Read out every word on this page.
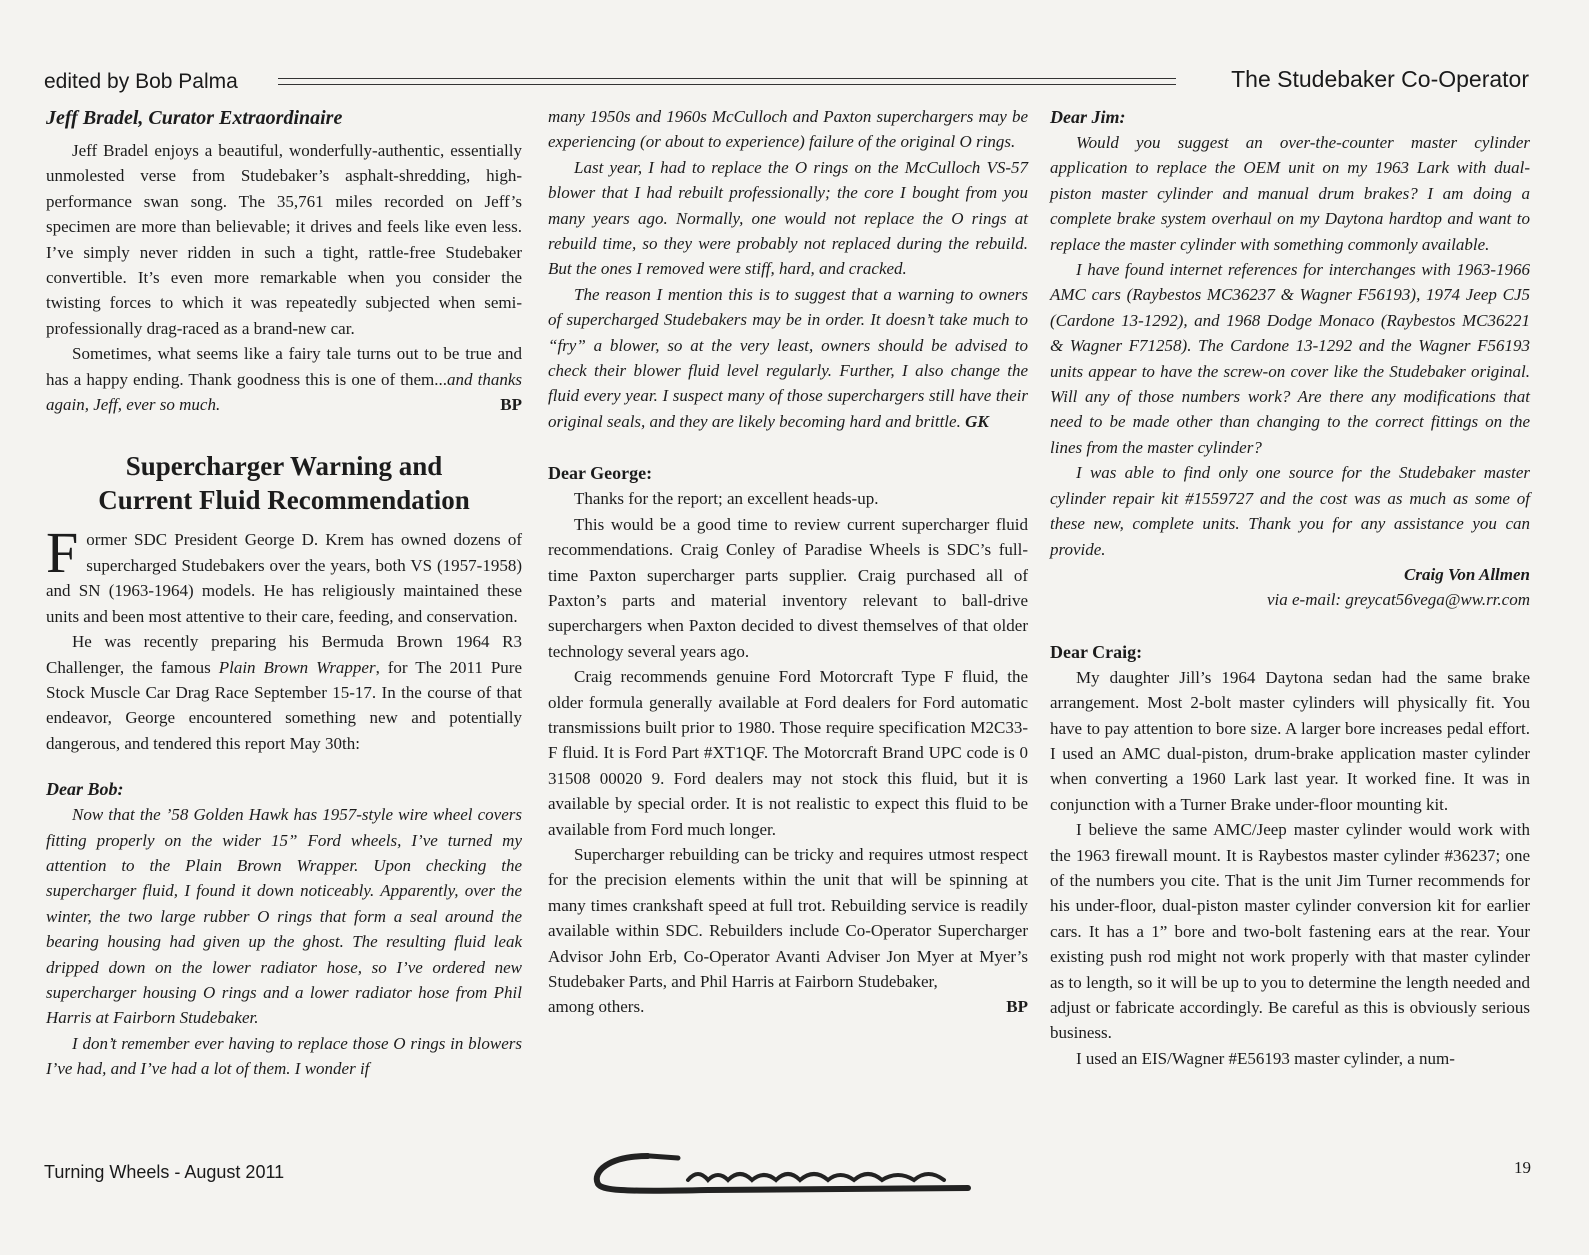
edited by Bob Palma	The Studebaker Co-Operator
Jeff Bradel, Curator Extraordinaire

Jeff Bradel enjoys a beautiful, wonderfully-authentic, essentially unmolested verse from Studebaker’s asphalt-shredding, high-performance swan song. The 35,761 miles recorded on Jeff’s specimen are more than believable; it drives and feels like even less. I’ve simply never ridden in such a tight, rattle-free Studebaker convertible. It’s even more remarkable when you consider the twisting forces to which it was repeatedly subjected when semi-professionally drag-raced as a brand-new car.

Sometimes, what seems like a fairy tale turns out to be true and has a happy ending. Thank goodness this is one of them...and thanks again, Jeff, ever so much.	BP

Supercharger Warning and
Current Fluid Recommendation

Former SDC President George D. Krem has owned dozens of supercharged Studebakers over the years, both VS (1957-1958) and SN (1963-1964) models. He has religiously maintained these units and been most attentive to their care, feeding, and conservation.

He was recently preparing his Bermuda Brown 1964 R3 Challenger, the famous Plain Brown Wrapper, for The 2011 Pure Stock Muscle Car Drag Race September 15-17. In the course of that endeavor, George encountered something new and potentially dangerous, and tendered this report May 30th:

Dear Bob:

Now that the ’58 Golden Hawk has 1957-style wire wheel covers fitting properly on the wider 15” Ford wheels, I’ve turned my attention to the Plain Brown Wrapper. Upon checking the supercharger fluid, I found it down noticeably. Apparently, over the winter, the two large rubber O rings that form a seal around the bearing housing had given up the ghost. The resulting fluid leak dripped down on the lower radiator hose, so I’ve ordered new supercharger housing O rings and a lower radiator hose from Phil Harris at Fairborn Studebaker.

I don’t remember ever having to replace those O rings in blowers I’ve had, and I’ve had a lot of them. I wonder if

many 1950s and 1960s McCulloch and Paxton superchargers may be experiencing (or about to experience) failure of the original O rings.

Last year, I had to replace the O rings on the McCulloch VS-57 blower that I had rebuilt professionally; the core I bought from you many years ago. Normally, one would not replace the O rings at rebuild time, so they were probably not replaced during the rebuild. But the ones I removed were stiff, hard, and cracked.

The reason I mention this is to suggest that a warning to owners of supercharged Studebakers may be in order. It doesn’t take much to “fry” a blower, so at the very least, owners should be advised to check their blower fluid level regularly. Further, I also change the fluid every year. I suspect many of those superchargers still have their original seals, and they are likely becoming hard and brittle. GK

Dear George:

Thanks for the report; an excellent heads-up.

This would be a good time to review current supercharger fluid recommendations. Craig Conley of Paradise Wheels is SDC’s full-time Paxton supercharger parts supplier. Craig purchased all of Paxton’s parts and material inventory relevant to ball-drive superchargers when Paxton decided to divest themselves of that older technology several years ago.

Craig recommends genuine Ford Motorcraft Type F fluid, the older formula generally available at Ford dealers for Ford automatic transmissions built prior to 1980. Those require specification M2C33-F fluid. It is Ford Part #XT1QF. The Motorcraft Brand UPC code is 0 31508 00020 9. Ford dealers may not stock this fluid, but it is available by special order. It is not realistic to expect this fluid to be available from Ford much longer.

Supercharger rebuilding can be tricky and requires utmost respect for the precision elements within the unit that will be spinning at many times crankshaft speed at full trot. Rebuilding service is readily available within SDC. Rebuilders include Co-Operator Supercharger Advisor John Erb, Co-Operator Avanti Adviser Jon Myer at Myer’s Studebaker Parts, and Phil Harris at Fairborn Studebaker,

among others.	BP
Dear Jim:

Would you suggest an over-the-counter master cylinder application to replace the OEM unit on my 1963 Lark with dual-piston master cylinder and manual drum brakes? I am doing a complete brake system overhaul on my Daytona hardtop and want to replace the master cylinder with something commonly available.

I have found internet references for interchanges with 1963-1966 AMC cars (Raybestos MC36237 & Wagner F56193), 1974 Jeep CJ5 (Cardone 13-1292), and 1968 Dodge Monaco (Raybestos MC36221 & Wagner F71258). The Cardone 13-1292 and the Wagner F56193 units appear to have the screw-on cover like the Studebaker original. Will any of those numbers work? Are there any modifications that need to be made other than changing to the correct fittings on the lines from the master cylinder?

I was able to find only one source for the Studebaker master cylinder repair kit #1559727 and the cost was as much as some of these new, complete units. Thank you for any assistance you can provide.

Craig Von Allmen
via e-mail: greycat56vega@ww.rr.com
Dear Craig:

My daughter Jill’s 1964 Daytona sedan had the same brake arrangement. Most 2-bolt master cylinders will physically fit. You have to pay attention to bore size. A larger bore increases pedal effort. I used an AMC dual-piston, drum-brake application master cylinder when converting a 1960 Lark last year. It worked fine. It was in conjunction with a Turner Brake under-floor mounting kit.

I believe the same AMC/Jeep master cylinder would work with the 1963 firewall mount. It is Raybestos master cylinder #36237; one of the numbers you cite. That is the unit Jim Turner recommends for his under-floor, dual-piston master cylinder conversion kit for earlier cars. It has a 1” bore and two-bolt fastening ears at the rear. Your existing push rod might not work properly with that master cylinder as to length, so it will be up to you to determine the length needed and adjust or fabricate accordingly. Be careful as this is obviously serious business.

I used an EIS/Wagner #E56193 master cylinder, a num-

Turning Wheels - August 2011	Cruiser	19
